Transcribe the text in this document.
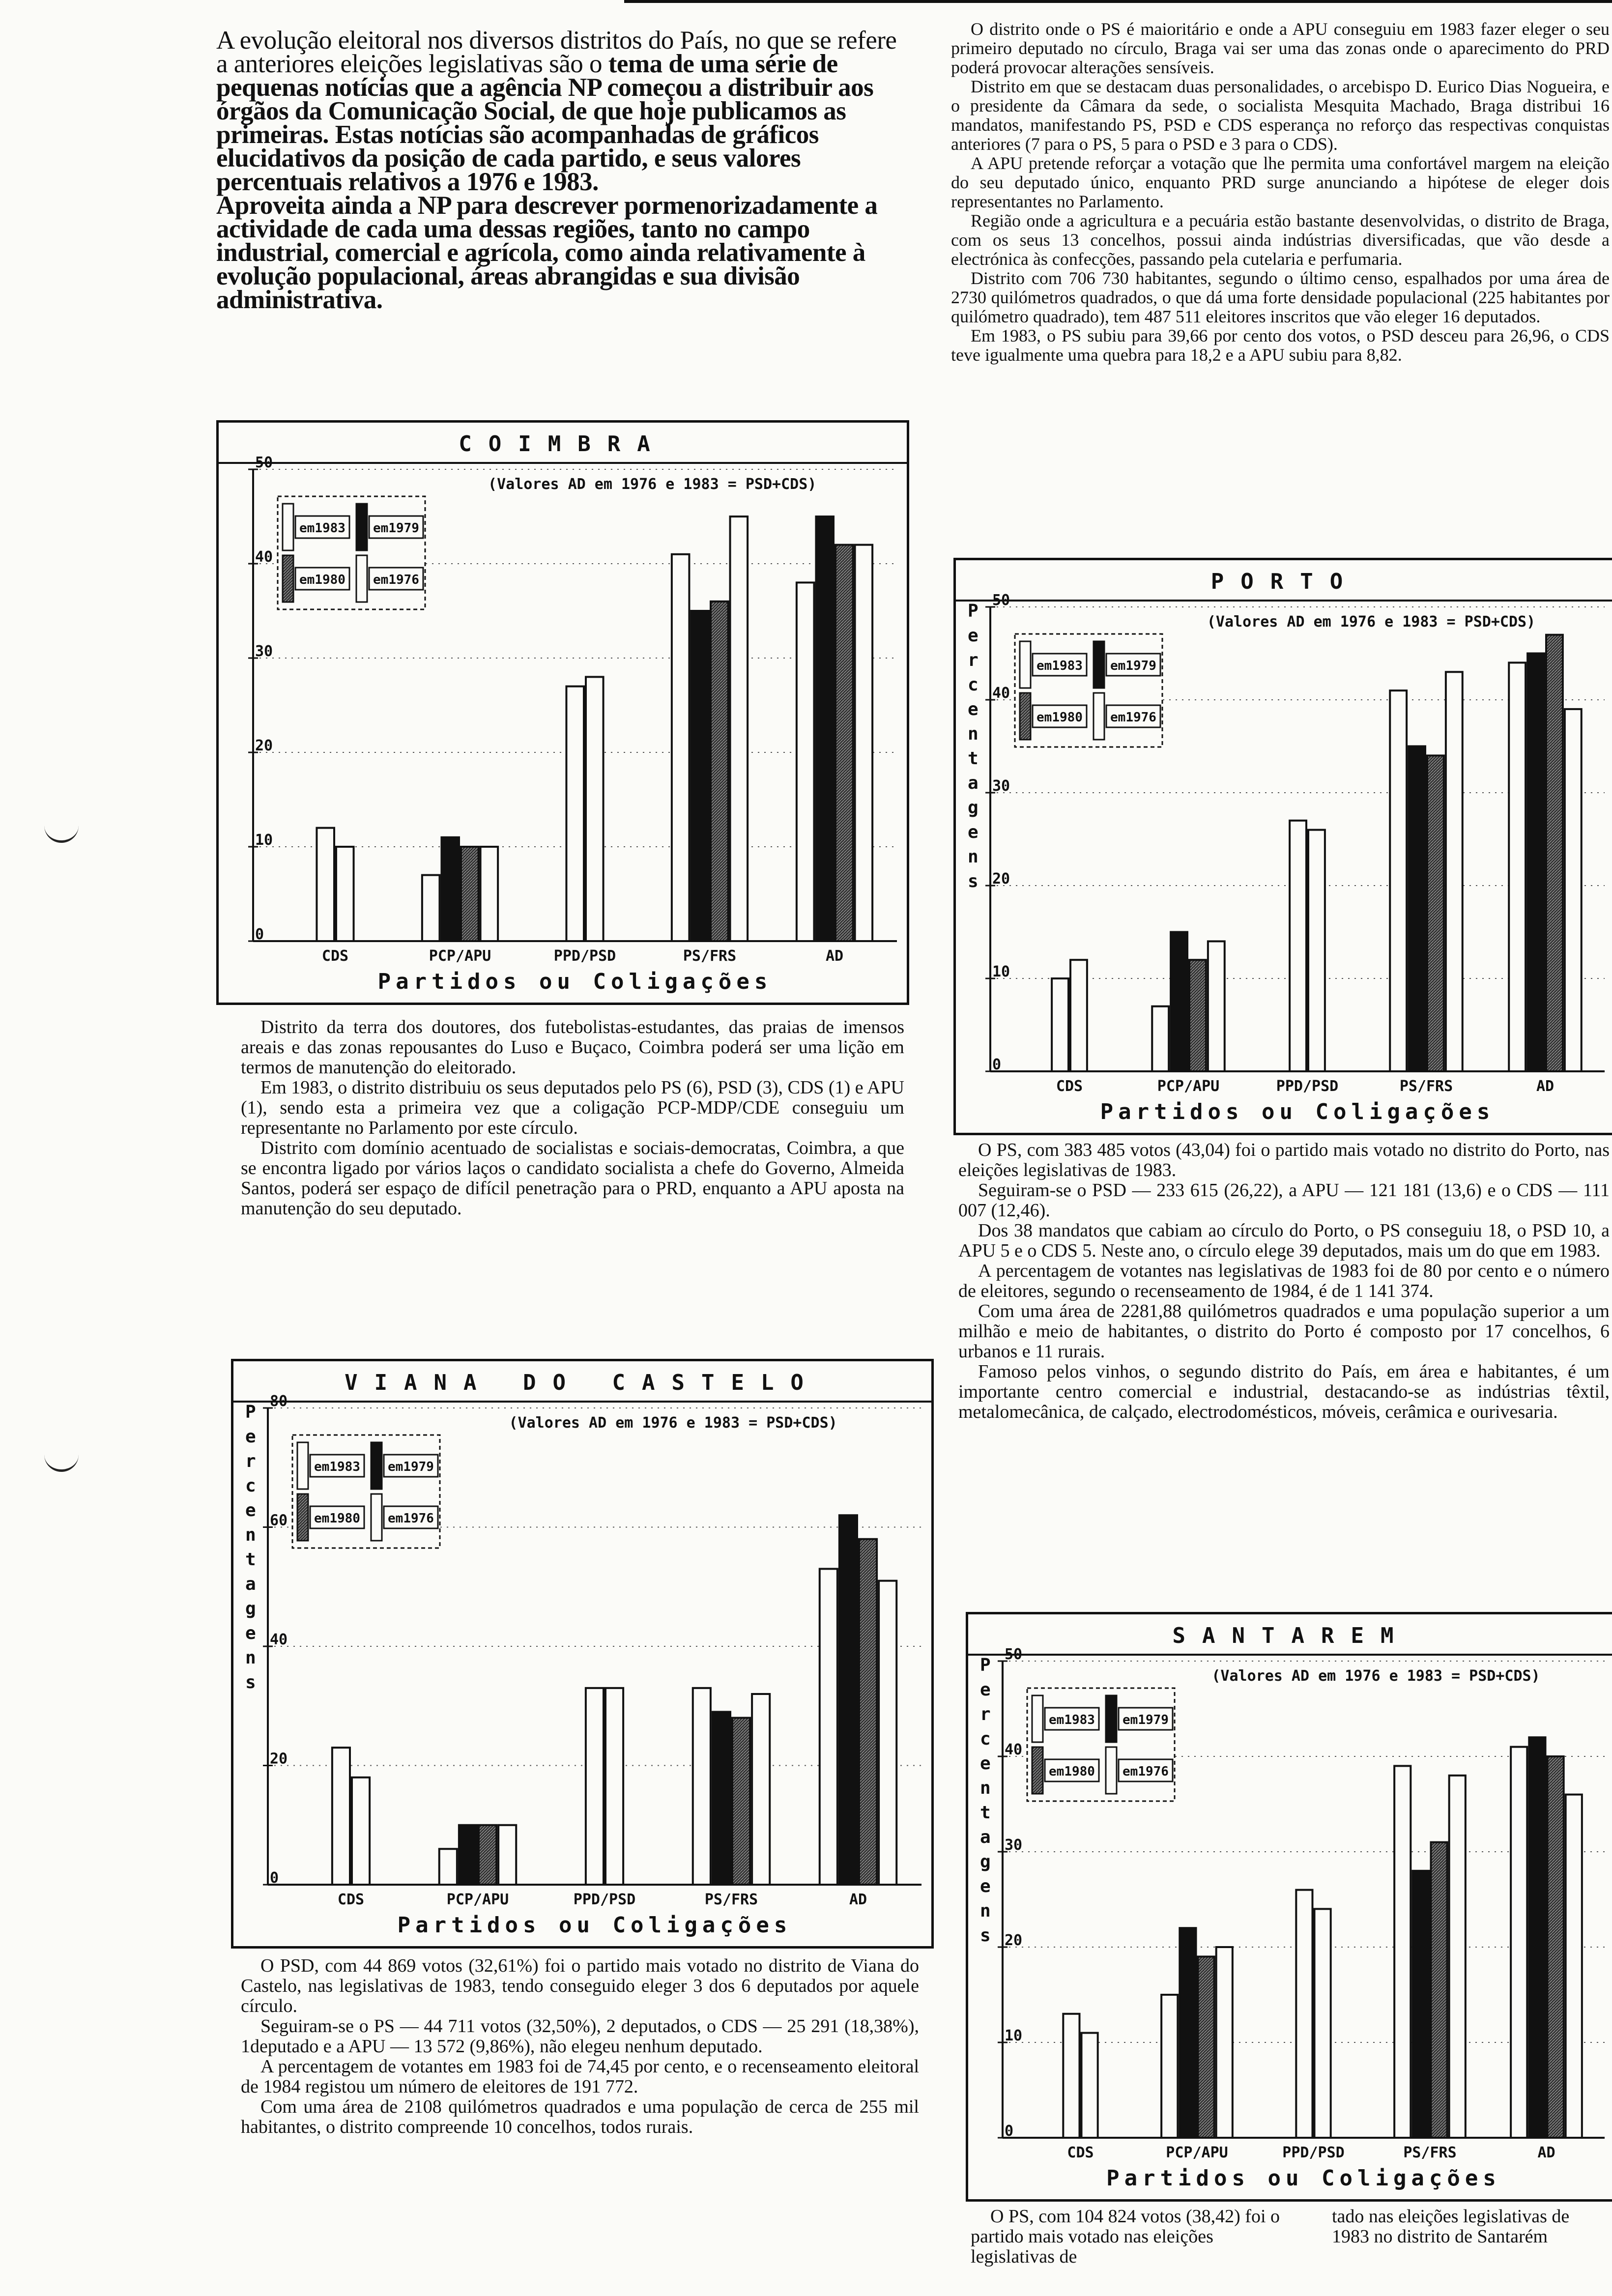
A evolução eleitoral nos diversos distritos do País, no que se refere a anteriores eleições legislativas são o tema de uma série de pequenas notícias que a agência NP começou a distribuir aos órgãos da Comunicação Social, de que hoje publicamos as primeiras. Estas notícias são acompanhadas de gráficos elucidativos da posição de cada partido, e seus valores percentuais relativos a 1976 e 1983.
Aproveita ainda a NP para descrever pormenorizadamente a actividade de cada uma dessas regiões, tanto no campo industrial, comercial e agrícola, como ainda relativamente à evolução populacional, áreas abrangidas e sua divisão administrativa.
COIMBRA
(Valores AD em 1976 e 1983 = PSD+CDS)
0
10
20
30
40
50
CDS	PCP/APU	PPD/PSD	PS/FRS	AD
Partidos ou Coligações
em1983 em1979
em1980 em1976
VIANA DO CASTELO
(Valores AD em 1976 e 1983 = PSD+CDS)
P e r c e n t a g e n s
0
20
40
60
80
CDS	PCP/APU	PPD/PSD	PS/FRS	AD
Partidos ou Coligações
em1983 em1979
em1980 em1976
PORTO
(Valores AD em 1976 e 1983 = PSD+CDS)
P e r c e n t a g e n s
0
10
20
30
40
50
CDS	PCP/APU	PPD/PSD	PS/FRS	AD
Partidos ou Coligações
em1983 em1979
em1980 em1976
SANTAREM
(Valores AD em 1976 e 1983 = PSD+CDS)
P e r c e n t a g e n s
0
10
20
30
40
50
CDS	PCP/APU	PPD/PSD	PS/FRS	AD
Partidos ou Coligações
em1983 em1979
em1980 em1976

Distrito da terra dos doutores, dos futebolistas-estudantes, das praias de imensos areais e das zonas repousantes do Luso e Buçaco, Coimbra poderá ser uma lição em termos de manutenção do eleitorado.

Em 1983, o distrito distribuiu os seus deputados pelo PS (6), PSD (3), CDS (1) e APU (1), sendo esta a primeira vez que a coligação PCP-MDP/CDE conseguiu um representante no Parlamento por este círculo.

Distrito com domínio acentuado de socialistas e sociais-democratas, Coimbra, a que se encontra ligado por vários laços o candidato socialista a chefe do Governo, Almeida Santos, poderá ser espaço de difícil penetração para o PRD, enquanto a APU aposta na manutenção do seu deputado.

O PSD, com 44 869 votos (32,61%) foi o partido mais votado no distrito de Viana do Castelo, nas legislativas de 1983, tendo conseguido eleger 3 dos 6 deputados por aquele círculo.

Seguiram-se o PS — 44 711 votos (32,50%), 2 deputados, o CDS — 25 291 (18,38%), 1deputado e a APU — 13 572 (9,86%), não elegeu nenhum deputado.

A percentagem de votantes em 1983 foi de 74,45 por cento, e o recenseamento eleitoral de 1984 registou um número de eleitores de 191 772.

Com uma área de 2108 quilómetros quadrados e uma população de cerca de 255 mil habitantes, o distrito compreende 10 concelhos, todos rurais.

O distrito onde o PS é maioritário e onde a APU conseguiu em 1983 fazer eleger o seu primeiro deputado no círculo, Braga vai ser uma das zonas onde o aparecimento do PRD poderá provocar alterações sensíveis.

Distrito em que se destacam duas personalidades, o arcebispo D. Eurico Dias Nogueira, e o presidente da Câmara da sede, o socialista Mesquita Machado, Braga distribui 16 mandatos, manifestando PS, PSD e CDS esperança no reforço das respectivas conquistas anteriores (7 para o PS, 5 para o PSD e 3 para o CDS).

A APU pretende reforçar a votação que lhe permita uma confortável margem na eleição do seu deputado único, enquanto PRD surge anunciando a hipótese de eleger dois representantes no Parlamento.

Região onde a agricultura e a pecuária estão bastante desenvolvidas, o distrito de Braga, com os seus 13 concelhos, possui ainda indústrias diversificadas, que vão desde a electrónica às confecções, passando pela cutelaria e perfumaria.

Distrito com 706 730 habitantes, segundo o último censo, espalhados por uma área de 2730 quilómetros quadrados, o que dá uma forte densidade populacional (225 habitantes por quilómetro quadrado), tem 487 511 eleitores inscritos que vão eleger 16 deputados.

Em 1983, o PS subiu para 39,66 por cento dos votos, o PSD desceu para 26,96, o CDS teve igualmente uma quebra para 18,2 e a APU subiu para 8,82.

O PS, com 383 485 votos (43,04) foi o partido mais votado no distrito do Porto, nas eleições legislativas de 1983.

Seguiram-se o PSD — 233 615 (26,22), a APU — 121 181 (13,6) e o CDS — 111 007 (12,46).

Dos 38 mandatos que cabiam ao círculo do Porto, o PS conseguiu 18, o PSD 10, a APU 5 e o CDS 5. Neste ano, o círculo elege 39 deputados, mais um do que em 1983.

A percentagem de votantes nas legislativas de 1983 foi de 80 por cento e o número de eleitores, segundo o recenseamento de 1984, é de 1 141 374.

Com uma área de 2281,88 quilómetros quadrados e uma população superior a um milhão e meio de habitantes, o distrito do Porto é composto por 17 concelhos, 6 urbanos e 11 rurais.

Famoso pelos vinhos, o segundo distrito do País, em área e habitantes, é um importante centro comercial e industrial, destacando-se as indústrias têxtil, metalomecânica, de calçado, electrodomésticos, móveis, cerâmica e ourivesaria.

O PS, com 104 824 votos (38,42) foi o partido mais votado nas eleições legislativas de

tado nas eleições legislativas de 1983 no distrito de Santarém
